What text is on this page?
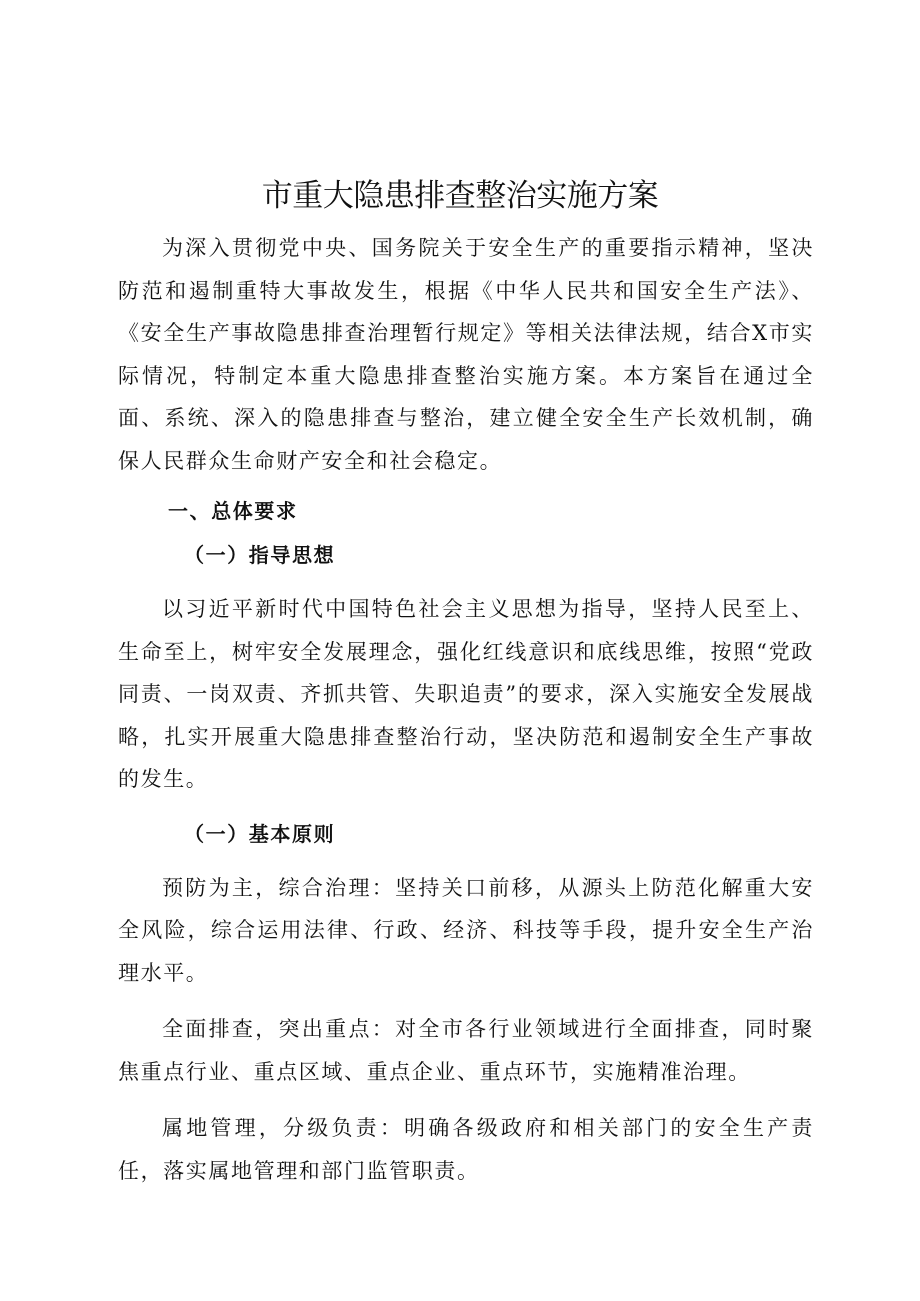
市重大隐患排查整治实施方案

为深入贯彻党中央、国务院关于安全生产的重要指示精神，坚决防范和遏制重特大事故发生，根据《中华人民共和国安全生产法》、《安全生产事故隐患排查治理暂行规定》等相关法律法规，结合X市实际情况，特制定本重大隐患排查整治实施方案。本方案旨在通过全面、系统、深入的隐患排查与整治，建立健全安全生产长效机制，确保人民群众生命财产安全和社会稳定。

一、总体要求
（一）指导思想

以习近平新时代中国特色社会主义思想为指导，坚持人民至上、生命至上，树牢安全发展理念，强化红线意识和底线思维，按照“党政同责、一岗双责、齐抓共管、失职追责”的要求，深入实施安全发展战略，扎实开展重大隐患排查整治行动，坚决防范和遏制安全生产事故的发生。

（一）基本原则

预防为主，综合治理：坚持关口前移，从源头上防范化解重大安全风险，综合运用法律、行政、经济、科技等手段，提升安全生产治理水平。

全面排查，突出重点：对全市各行业领域进行全面排查，同时聚焦重点行业、重点区域、重点企业、重点环节，实施精准治理。

属地管理，分级负责：明确各级政府和相关部门的安全生产责任，落实属地管理和部门监管职责。
